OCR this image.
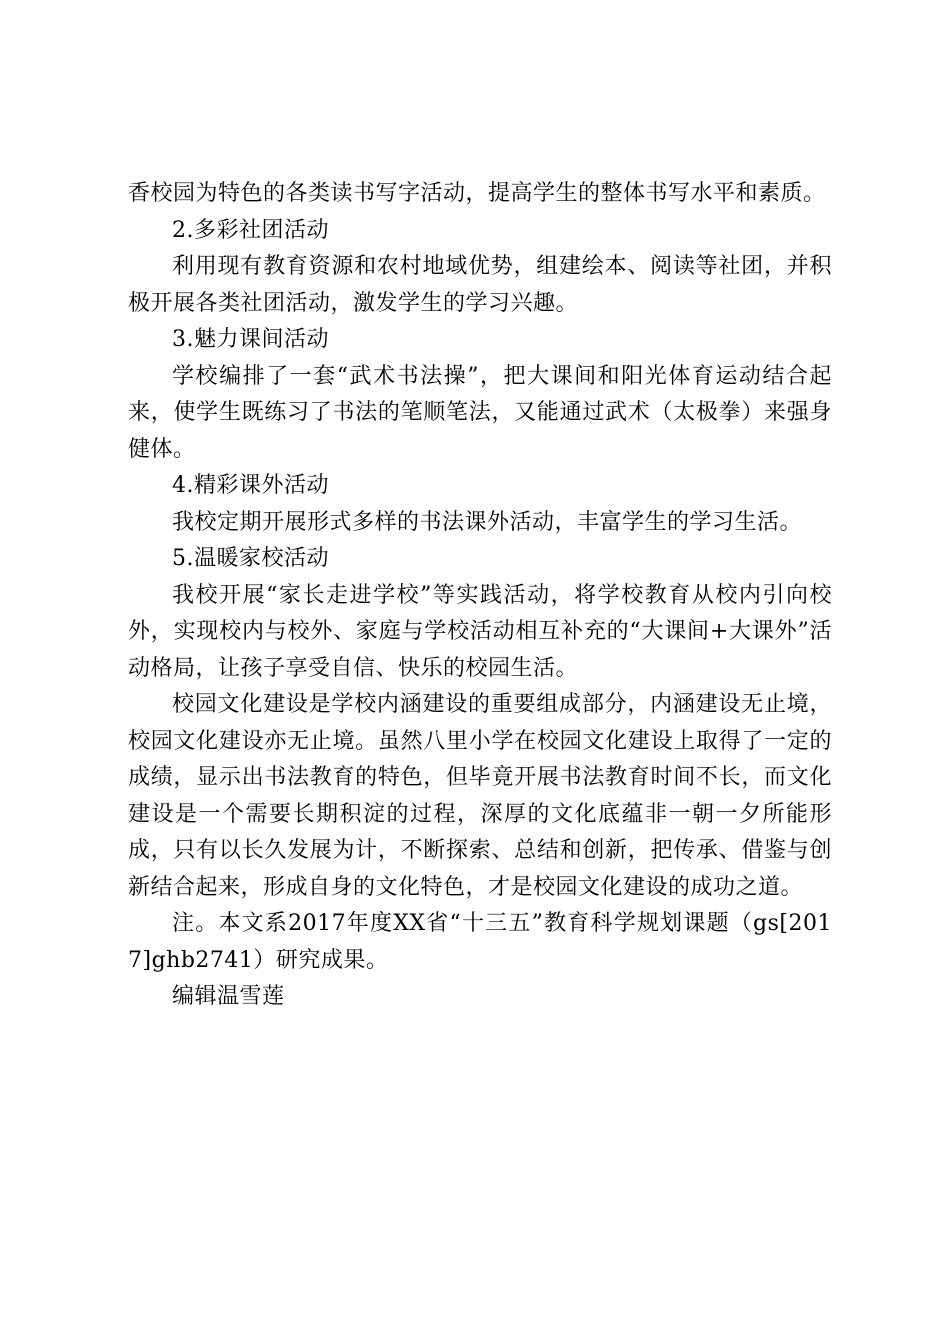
香校园为特色的各类读书写字活动，提高学生的整体书写水平和素质。

2.多彩社团活动

利用现有教育资源和农村地域优势，组建绘本、阅读等社团，并积极开展各类社团活动，激发学生的学习兴趣。

3.魅力课间活动

学校编排了一套“武术书法操”，把大课间和阳光体育运动结合起来，使学生既练习了书法的笔顺笔法，又能通过武术（太极拳）来强身健体。

4.精彩课外活动

我校定期开展形式多样的书法课外活动，丰富学生的学习生活。

5.温暖家校活动

我校开展“家长走进学校”等实践活动，将学校教育从校内引向校外，实现校内与校外、家庭与学校活动相互补充的“大课间+大课外”活动格局，让孩子享受自信、快乐的校园生活。

校园文化建设是学校内涵建设的重要组成部分，内涵建设无止境，校园文化建设亦无止境。虽然八里小学在校园文化建设上取得了一定的成绩，显示出书法教育的特色，但毕竟开展书法教育时间不长，而文化建设是一个需要长期积淀的过程，深厚的文化底蕴非一朝一夕所能形成，只有以长久发展为计，不断探索、总结和创新，把传承、借鉴与创新结合起来，形成自身的文化特色，才是校园文化建设的成功之道。

注。本文系2017年度XX省“十三五”教育科学规划课题（gs[2017]ghb2741）研究成果。

编辑温雪莲
